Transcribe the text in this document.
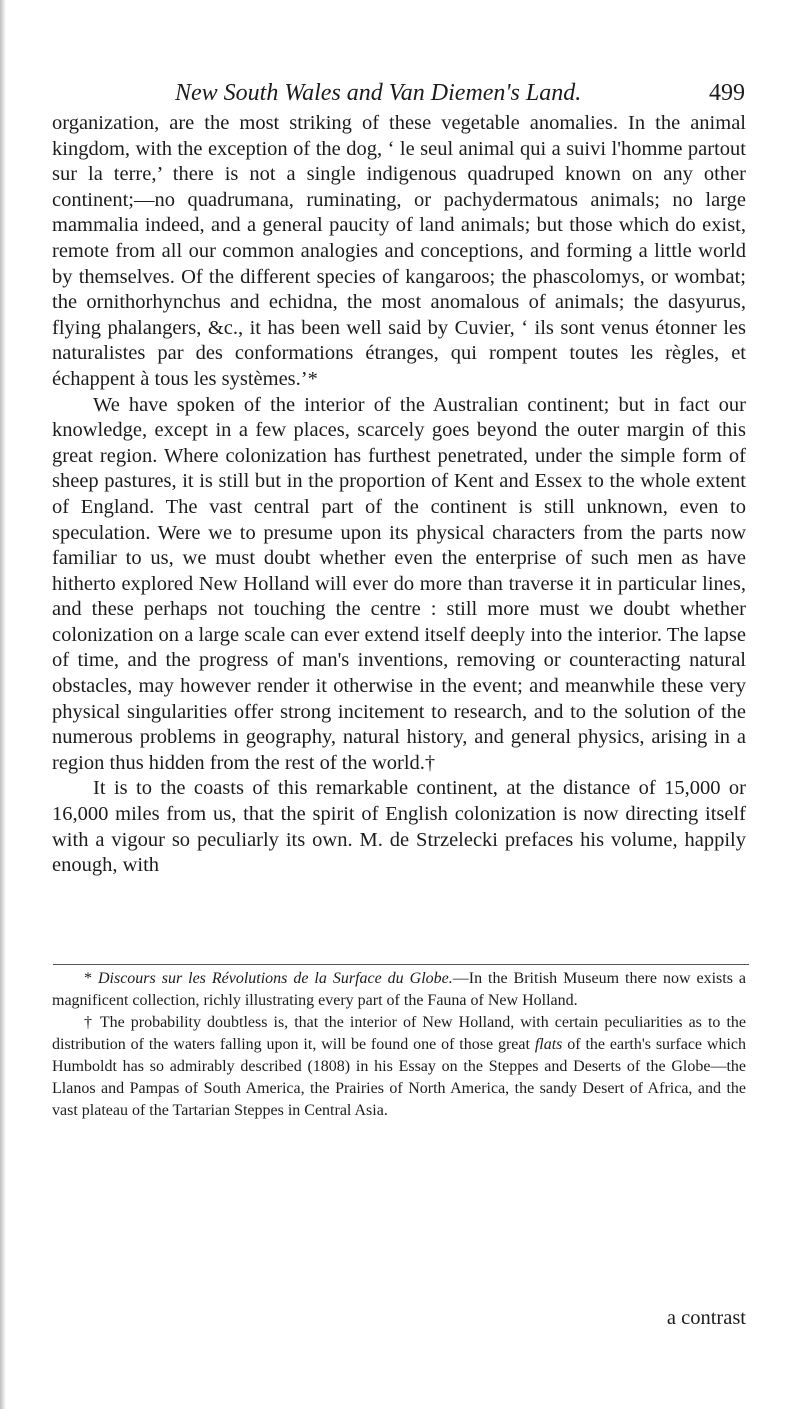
New South Wales and Van Diemen's Land.	499

organization, are the most striking of these vegetable anomalies. In the animal kingdom, with the exception of the dog, ‘ le seul animal qui a suivi l'homme partout sur la terre,’ there is not a single indigenous quadruped known on any other continent;—no quadrumana, ruminating, or pachydermatous animals; no large mammalia indeed, and a general paucity of land animals; but those which do exist, remote from all our common analogies and conceptions, and forming a little world by themselves. Of the different species of kangaroos; the phascolomys, or wombat; the ornithorhynchus and echidna, the most anomalous of animals; the dasyurus, flying phalangers, &c., it has been well said by Cuvier, ‘ ils sont venus étonner les naturalistes par des conformations étranges, qui rompent toutes les règles, et échappent à tous les systèmes.’*

We have spoken of the interior of the Australian continent; but in fact our knowledge, except in a few places, scarcely goes beyond the outer margin of this great region. Where colonization has furthest penetrated, under the simple form of sheep pastures, it is still but in the proportion of Kent and Essex to the whole extent of England. The vast central part of the continent is still unknown, even to speculation. Were we to presume upon its physical characters from the parts now familiar to us, we must doubt whether even the enterprise of such men as have hitherto explored New Holland will ever do more than traverse it in particular lines, and these perhaps not touching the centre : still more must we doubt whether colonization on a large scale can ever extend itself deeply into the interior. The lapse of time, and the progress of man's inventions, removing or counteracting natural obstacles, may however render it otherwise in the event; and meanwhile these very physical singularities offer strong incitement to research, and to the solution of the numerous problems in geography, natural history, and general physics, arising in a region thus hidden from the rest of the world.†

It is to the coasts of this remarkable continent, at the distance of 15,000 or 16,000 miles from us, that the spirit of English colonization is now directing itself with a vigour so peculiarly its own. M. de Strzelecki prefaces his volume, happily enough, with

* Discours sur les Révolutions de la Surface du Globe.—In the British Museum there now exists a magnificent collection, richly illustrating every part of the Fauna of New Holland.

† The probability doubtless is, that the interior of New Holland, with certain peculiarities as to the distribution of the waters falling upon it, will be found one of those great flats of the earth's surface which Humboldt has so admirably described (1808) in his Essay on the Steppes and Deserts of the Globe—the Llanos and Pampas of South America, the Prairies of North America, the sandy Desert of Africa, and the vast plateau of the Tartarian Steppes in Central Asia.

a contrast
